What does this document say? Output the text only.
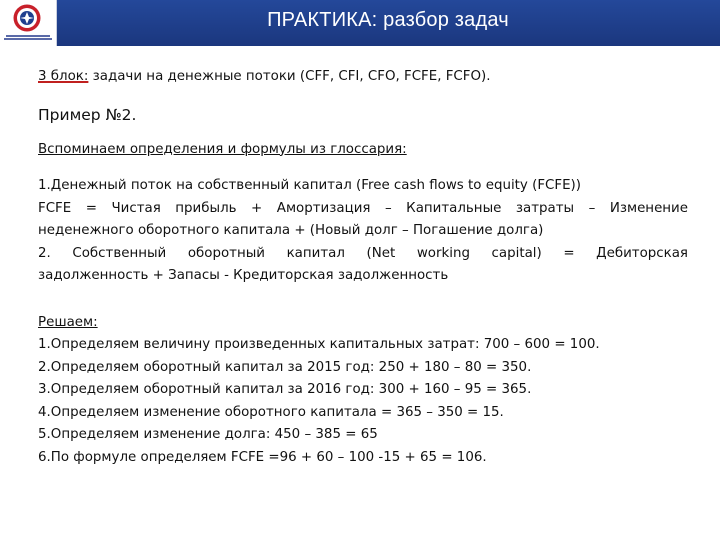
ПРАКТИКА: разбор задач
3 блок: задачи на денежные потоки (CFF, CFI, CFO, FCFE, FCFO).
Пример №2.
Вспоминаем определения и формулы из глоссария:
1.Денежный поток на собственный капитал (Free cash flows to equity (FCFE))
FCFE = Чистая прибыль + Амортизация – Капитальные затраты – Изменение
неденежного оборотного капитала + (Новый долг – Погашение долга)
2. Собственный оборотный капитал (Net working capital) = Дебиторская
задолженность + Запасы - Кредиторская задолженность
Решаем:
1.Определяем величину произведенных капитальных затрат: 700 – 600 = 100.
2.Определяем оборотный капитал за 2015 год: 250 + 180 – 80 = 350.
3.Определяем оборотный капитал за 2016 год: 300 + 160 – 95 = 365.
4.Определяем изменение оборотного капитала = 365 – 350 = 15.
5.Определяем изменение долга: 450 – 385 = 65
6.По формуле определяем FCFE =96 + 60 – 100 -15 + 65 = 106.
